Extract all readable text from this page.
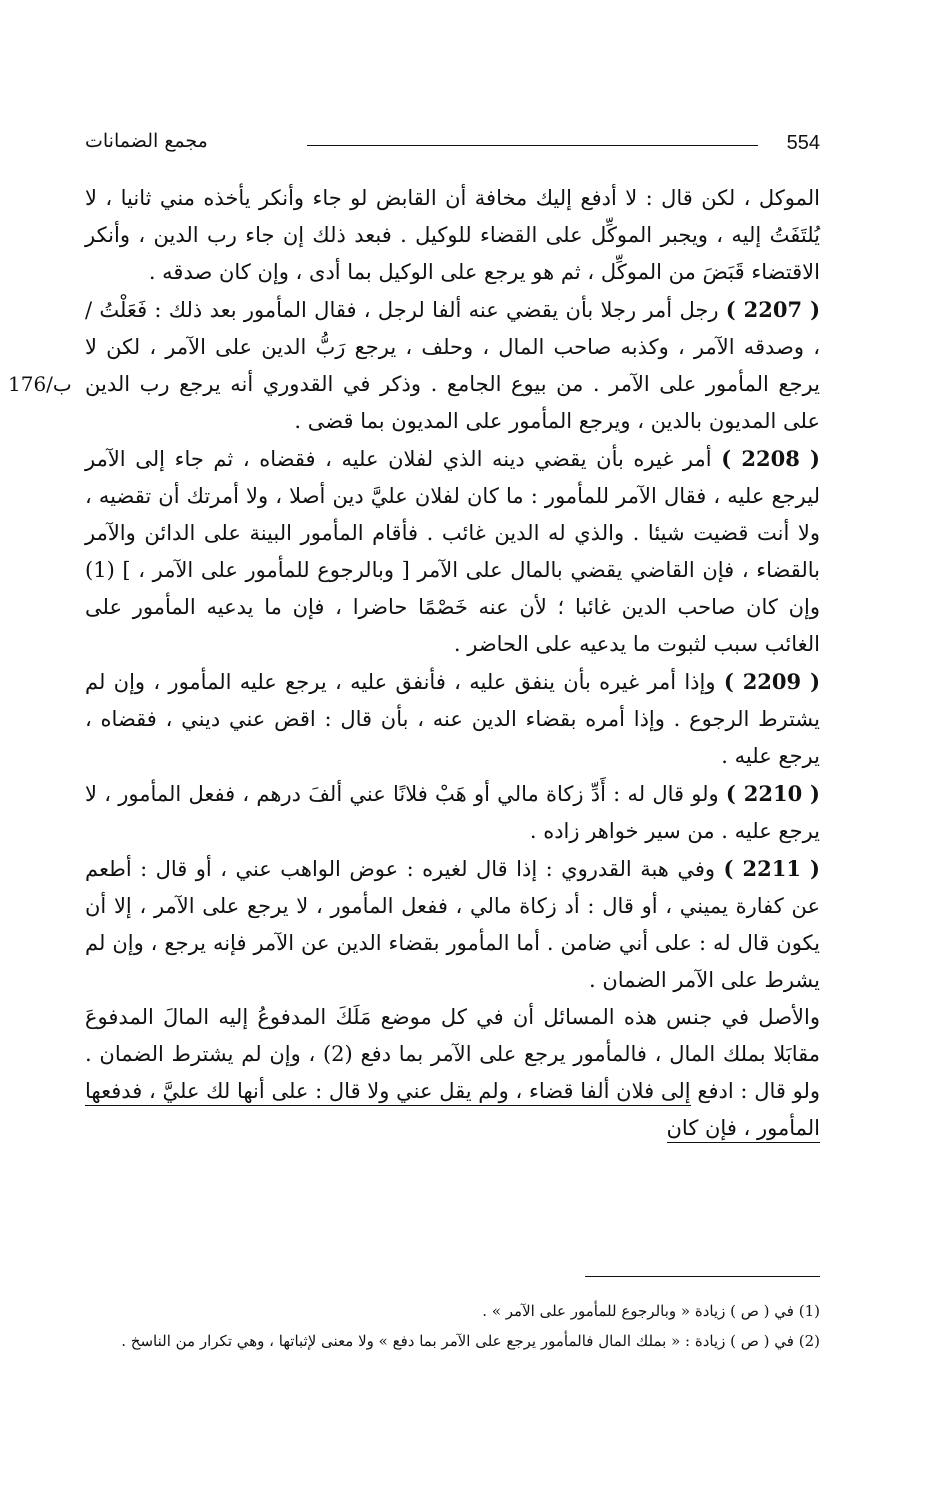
554
مجمع الضمانات
176/ب

الموكل ، لكن قال : لا أدفع إليك مخافة أن القابض لو جاء وأنكر يأخذه مني ثانيا ، لا يُلتَفَتُ إليه ، ويجبر الموكِّل على القضاء للوكيل . فبعد ذلك إن جاء رب الدين ، وأنكر الاقتضاء قَبَضَ من الموكِّل ، ثم هو يرجع على الوكيل بما أدى ، وإن كان صدقه .

( 2207 ) رجل أمر رجلا بأن يقضي عنه ألفا لرجل ، فقال المأمور بعد ذلك : فَعَلْتُ / ، وصدقه الآمر ، وكذبه صاحب المال ، وحلف ، يرجع رَبُّ الدين على الآمر ، لكن لا يرجع المأمور على الآمر . من بيوع الجامع . وذكر في القدوري أنه يرجع رب الدين على المديون بالدين ، ويرجع المأمور على المديون بما قضى .

( 2208 ) أمر غيره بأن يقضي دينه الذي لفلان عليه ، فقضاه ، ثم جاء إلى الآمر ليرجع عليه ، فقال الآمر للمأمور : ما كان لفلان عليَّ دين أصلا ، ولا أمرتك أن تقضيه ، ولا أنت قضيت شيئا . والذي له الدين غائب . فأقام المأمور البينة على الدائن والآمر بالقضاء ، فإن القاضي يقضي بالمال على الآمر [ وبالرجوع للمأمور على الآمر ، ] (1) وإن كان صاحب الدين غائبا ؛ لأن عنه خَصْمًا حاضرا ، فإن ما يدعيه المأمور على الغائب سبب لثبوت ما يدعيه على الحاضر .

( 2209 ) وإذا أمر غيره بأن ينفق عليه ، فأنفق عليه ، يرجع عليه المأمور ، وإن لم يشترط الرجوع . وإذا أمره بقضاء الدين عنه ، بأن قال : اقض عني ديني ، فقضاه ، يرجع عليه .

( 2210 ) ولو قال له : أَدِّ زكاة مالي أو هَبْ فلانًا عني ألفَ درهم ، ففعل المأمور ، لا يرجع عليه . من سير خواهر زاده .

( 2211 ) وفي هبة القدروي : إذا قال لغيره : عوض الواهب عني ، أو قال : أطعم عن كفارة يميني ، أو قال : أد زكاة مالي ، ففعل المأمور ، لا يرجع على الآمر ، إلا أن يكون قال له : على أني ضامن . أما المأمور بقضاء الدين عن الآمر فإنه يرجع ، وإن لم يشرط على الآمر الضمان .

والأصل في جنس هذه المسائل أن في كل موضع مَلَكَ المدفوعُ إليه المالَ المدفوعَ مقابَلا بملك المال ، فالمأمور يرجع على الآمر بما دفع (2) ، وإن لم يشترط الضمان . ولو قال : ادفع إلى فلان ألفا قضاء ، ولم يقل عني ولا قال : على أنها لك عليَّ ، فدفعها المأمور ، فإن كان

(1) في ( ص ) زيادة « وبالرجوع للمأمور على الآمر » .

(2) في ( ص ) زيادة : « بملك المال فالمأمور يرجع على الآمر بما دفع » ولا معنى لإثباتها ، وهي تكرار من الناسخ .
